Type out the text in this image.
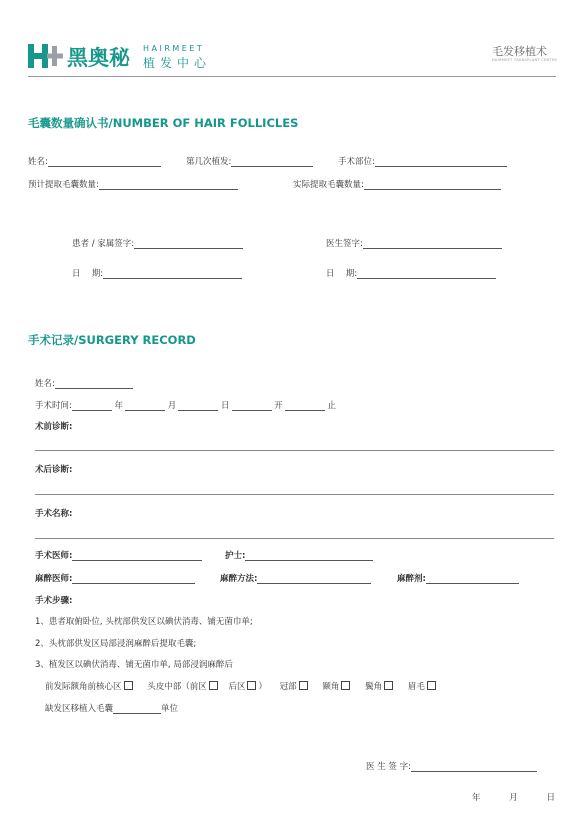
黑奥秘 HAIRMEET
植发中心
毛发移植术
HAIRMEET TRANSPLANT CENTER
毛囊数量确认书/NUMBER OF HAIR FOLLICLES
姓名:	第几次植发:	手术部位:
预计提取毛囊数量:	实际提取毛囊数量:
患者 / 家属签字:	医生签字:
日　 期:	日　 期:
手术记录/SURGERY RECORD
姓名:
手术时间:	年	月	日	开	止
术前诊断:
术后诊断:
手术名称:
手术医师:	护士:
麻醉医师:	麻醉方法:	麻醉剂:
手术步骤:
1、患者取俯卧位, 头枕部供发区以碘伏消毒、铺无菌巾单;
2、头枕部供发区局部浸润麻醉后提取毛囊;
3、植发区以碘伏消毒、铺无菌巾单, 局部浸润麻醉后
前发际额角前核心区	头皮中部（前区	后区 ） 冠部	颞角	鬓角	眉毛
缺发区移植入毛囊	单位
医 生 签 字:
年	月	日
